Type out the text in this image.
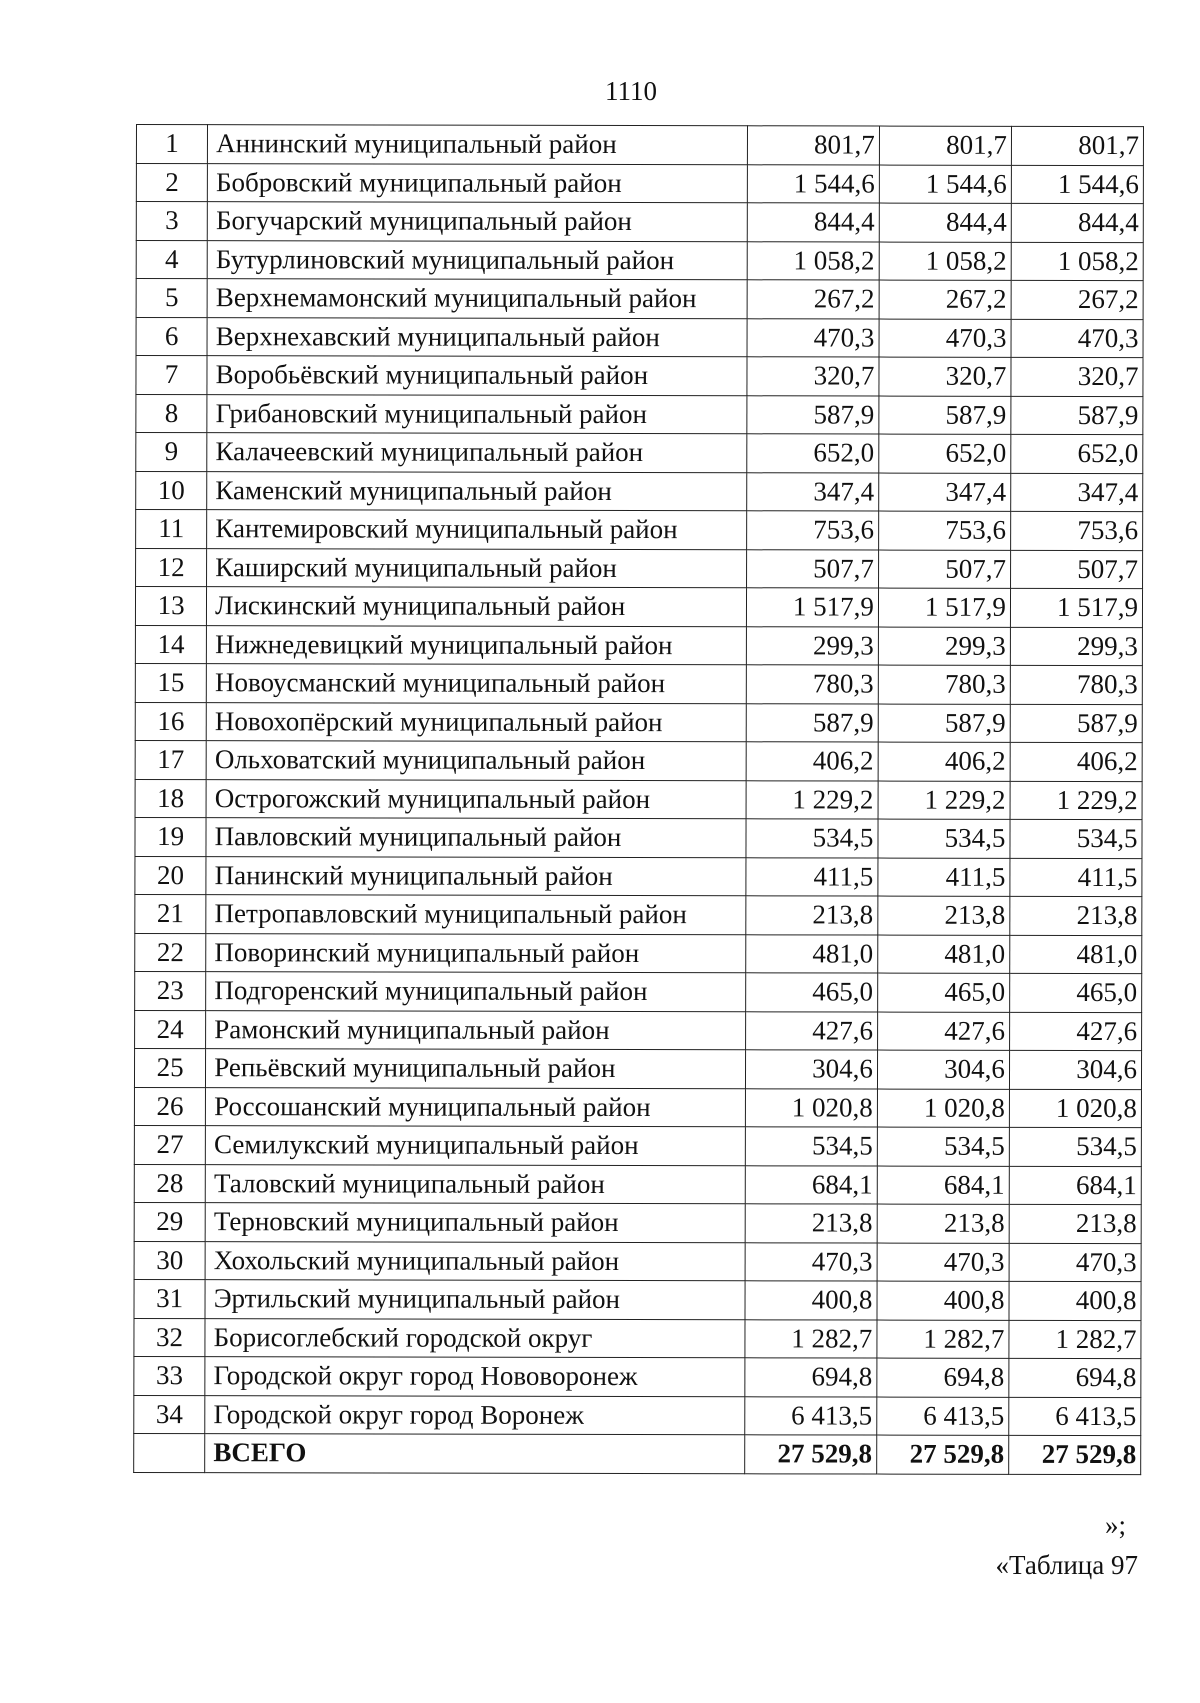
1110
1	Аннинский муниципальный район	801,7	801,7	801,7
2	Бобровский муниципальный район	1 544,6	1 544,6	1 544,6
3	Богучарский муниципальный район	844,4	844,4	844,4
4	Бутурлиновский муниципальный район	1 058,2	1 058,2	1 058,2
5	Верхнемамонский муниципальный район	267,2	267,2	267,2
6	Верхнехавский муниципальный район	470,3	470,3	470,3
7	Воробьёвский муниципальный район	320,7	320,7	320,7
8	Грибановский муниципальный район	587,9	587,9	587,9
9	Калачеевский муниципальный район	652,0	652,0	652,0
10	Каменский муниципальный район	347,4	347,4	347,4
11	Кантемировский муниципальный район	753,6	753,6	753,6
12	Каширский муниципальный район	507,7	507,7	507,7
13	Лискинский муниципальный район	1 517,9	1 517,9	1 517,9
14	Нижнедевицкий муниципальный район	299,3	299,3	299,3
15	Новоусманский муниципальный район	780,3	780,3	780,3
16	Новохопёрский муниципальный район	587,9	587,9	587,9
17	Ольховатский муниципальный район	406,2	406,2	406,2
18	Острогожский муниципальный район	1 229,2	1 229,2	1 229,2
19	Павловский муниципальный район	534,5	534,5	534,5
20	Панинский муниципальный район	411,5	411,5	411,5
21	Петропавловский муниципальный район	213,8	213,8	213,8
22	Поворинский муниципальный район	481,0	481,0	481,0
23	Подгоренский муниципальный район	465,0	465,0	465,0
24	Рамонский муниципальный район	427,6	427,6	427,6
25	Репьёвский муниципальный район	304,6	304,6	304,6
26	Россошанский муниципальный район	1 020,8	1 020,8	1 020,8
27	Семилукский муниципальный район	534,5	534,5	534,5
28	Таловский муниципальный район	684,1	684,1	684,1
29	Терновский муниципальный район	213,8	213,8	213,8
30	Хохольский муниципальный район	470,3	470,3	470,3
31	Эртильский муниципальный район	400,8	400,8	400,8
32	Борисоглебский городской округ	1 282,7	1 282,7	1 282,7
33	Городской округ город Нововоронеж	694,8	694,8	694,8
34	Городской округ город Воронеж	6 413,5	6 413,5	6 413,5
	ВСЕГО	27 529,8	27 529,8	27 529,8
»;
«Таблица 97
